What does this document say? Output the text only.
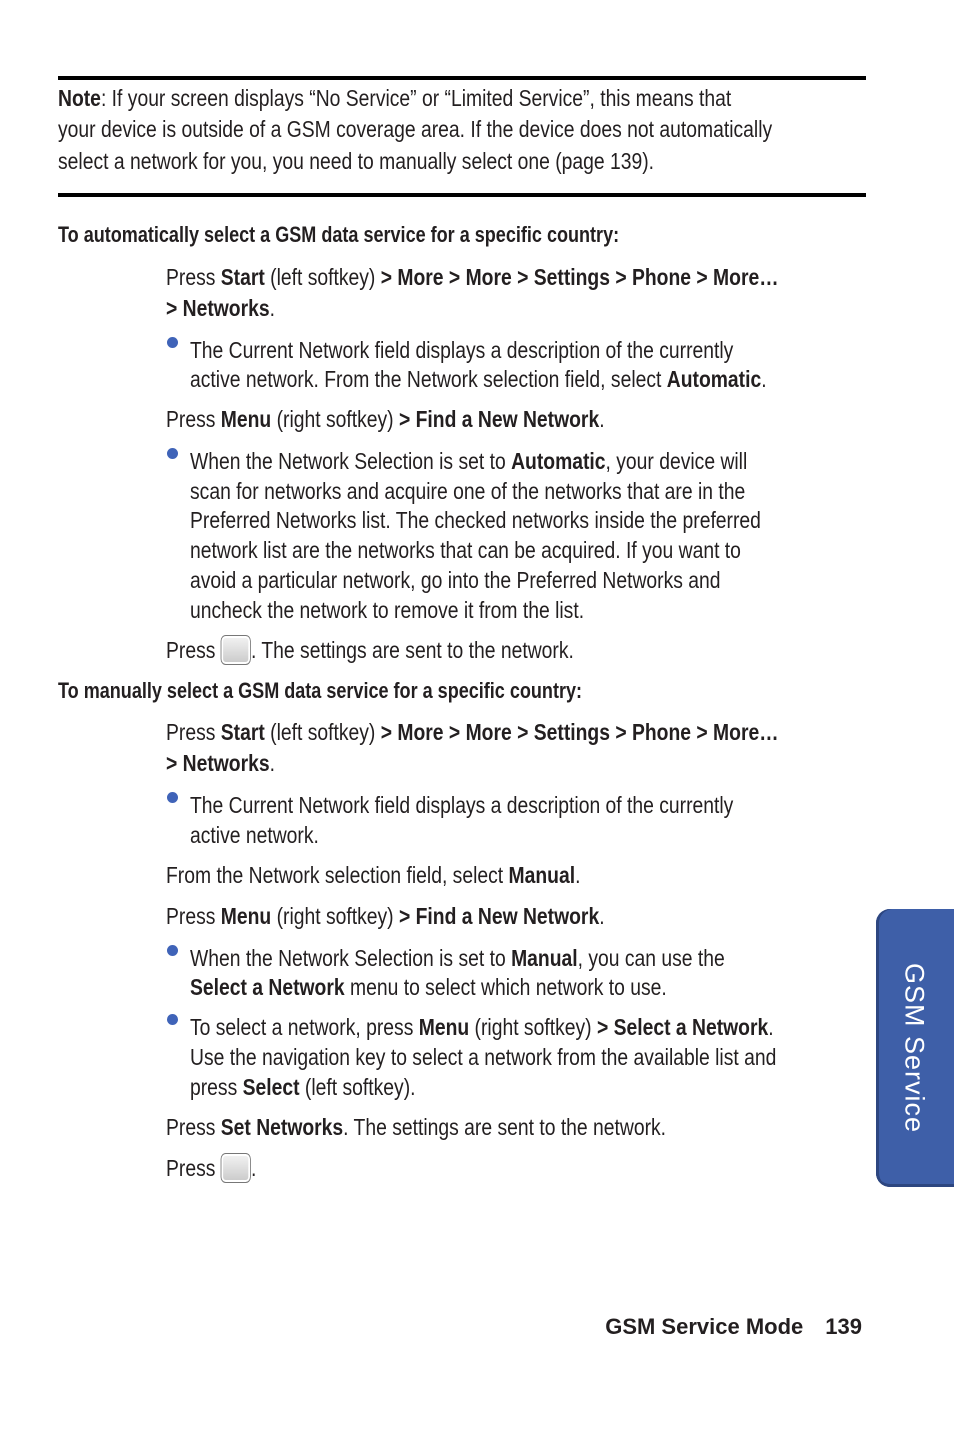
Note: If your screen displays “No Service” or “Limited Service”, this means that
your device is outside of a GSM coverage area. If the device does not automatically
select a network for you, you need to manually select one (page 139).
To automatically select a GSM data service for a specific country:
Press Start (left softkey) > More > More > Settings > Phone > More…
> Networks.
The Current Network field displays a description of the currently
active network. From the Network selection field, select Automatic.
Press Menu (right softkey) > Find a New Network.
When the Network Selection is set to Automatic, your device will
scan for networks and acquire one of the networks that are in the
Preferred Networks list. The checked networks inside the preferred
network list are the networks that can be acquired. If you want to
avoid a particular network, go into the Preferred Networks and
uncheck the network to remove it from the list.
Press . The settings are sent to the network.
To manually select a GSM data service for a specific country:
Press Start (left softkey) > More > More > Settings > Phone > More…
> Networks.
The Current Network field displays a description of the currently
active network.
From the Network selection field, select Manual.
Press Menu (right softkey) > Find a New Network.
When the Network Selection is set to Manual, you can use the
Select a Network menu to select which network to use.
To select a network, press Menu (right softkey) > Select a Network.
Use the navigation key to select a network from the available list and
press Select (left softkey).
Press Set Networks. The settings are sent to the network.
Press .
GSM Service
GSM Service Mode 139
